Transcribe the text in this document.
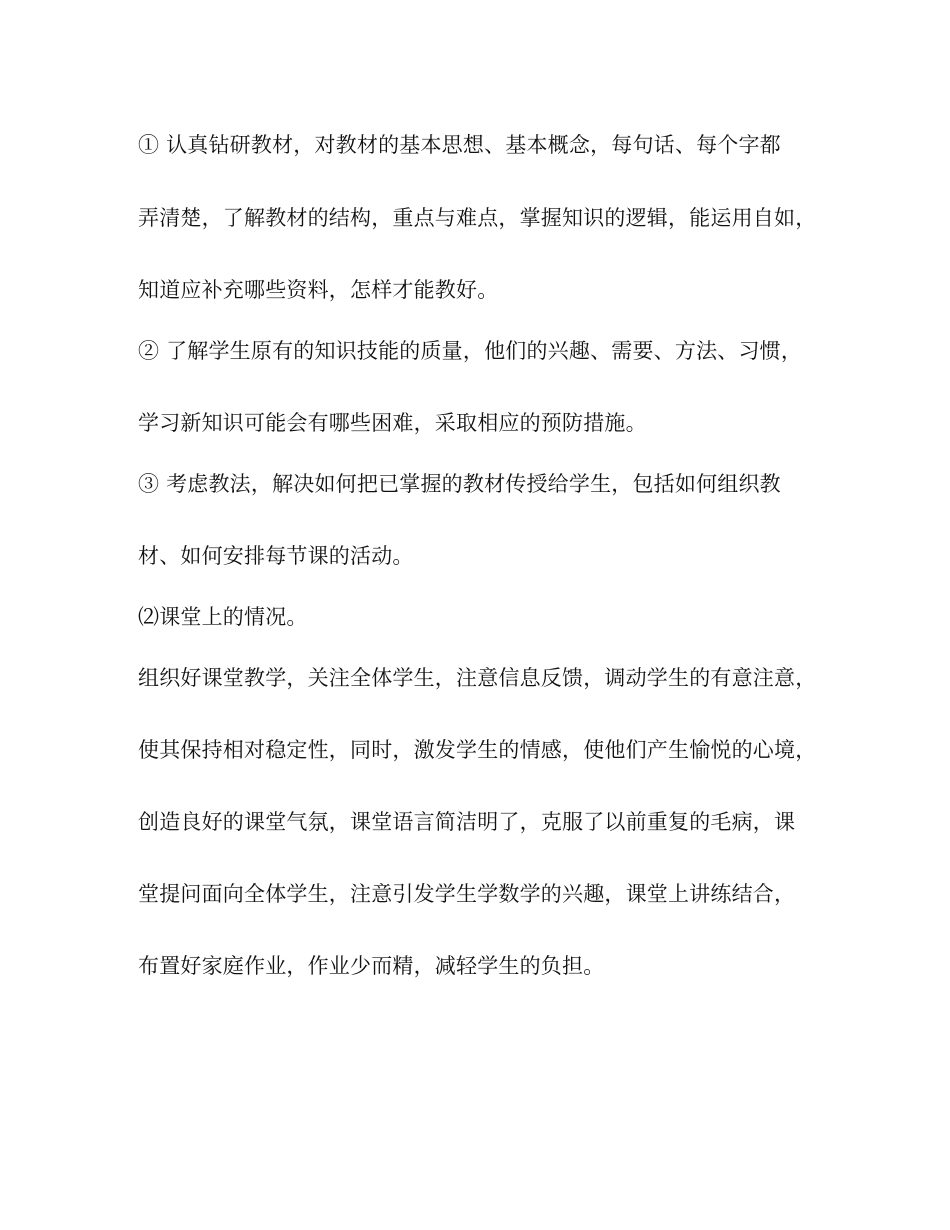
① 认真钻研教材，对教材的基本思想、基本概念，每句话、每个字都
弄清楚，了解教材的结构，重点与难点，掌握知识的逻辑，能运用自如，
知道应补充哪些资料，怎样才能教好。
② 了解学生原有的知识技能的质量，他们的兴趣、需要、方法、习惯，
学习新知识可能会有哪些困难，采取相应的预防措施。
③ 考虑教法，解决如何把已掌握的教材传授给学生，包括如何组织教
材、如何安排每节课的活动。
⑵课堂上的情况。
组织好课堂教学，关注全体学生，注意信息反馈，调动学生的有意注意，
使其保持相对稳定性，同时，激发学生的情感，使他们产生愉悦的心境，
创造良好的课堂气氛，课堂语言简洁明了，克服了以前重复的毛病，课
堂提问面向全体学生，注意引发学生学数学的兴趣，课堂上讲练结合，
布置好家庭作业，作业少而精，减轻学生的负担。
